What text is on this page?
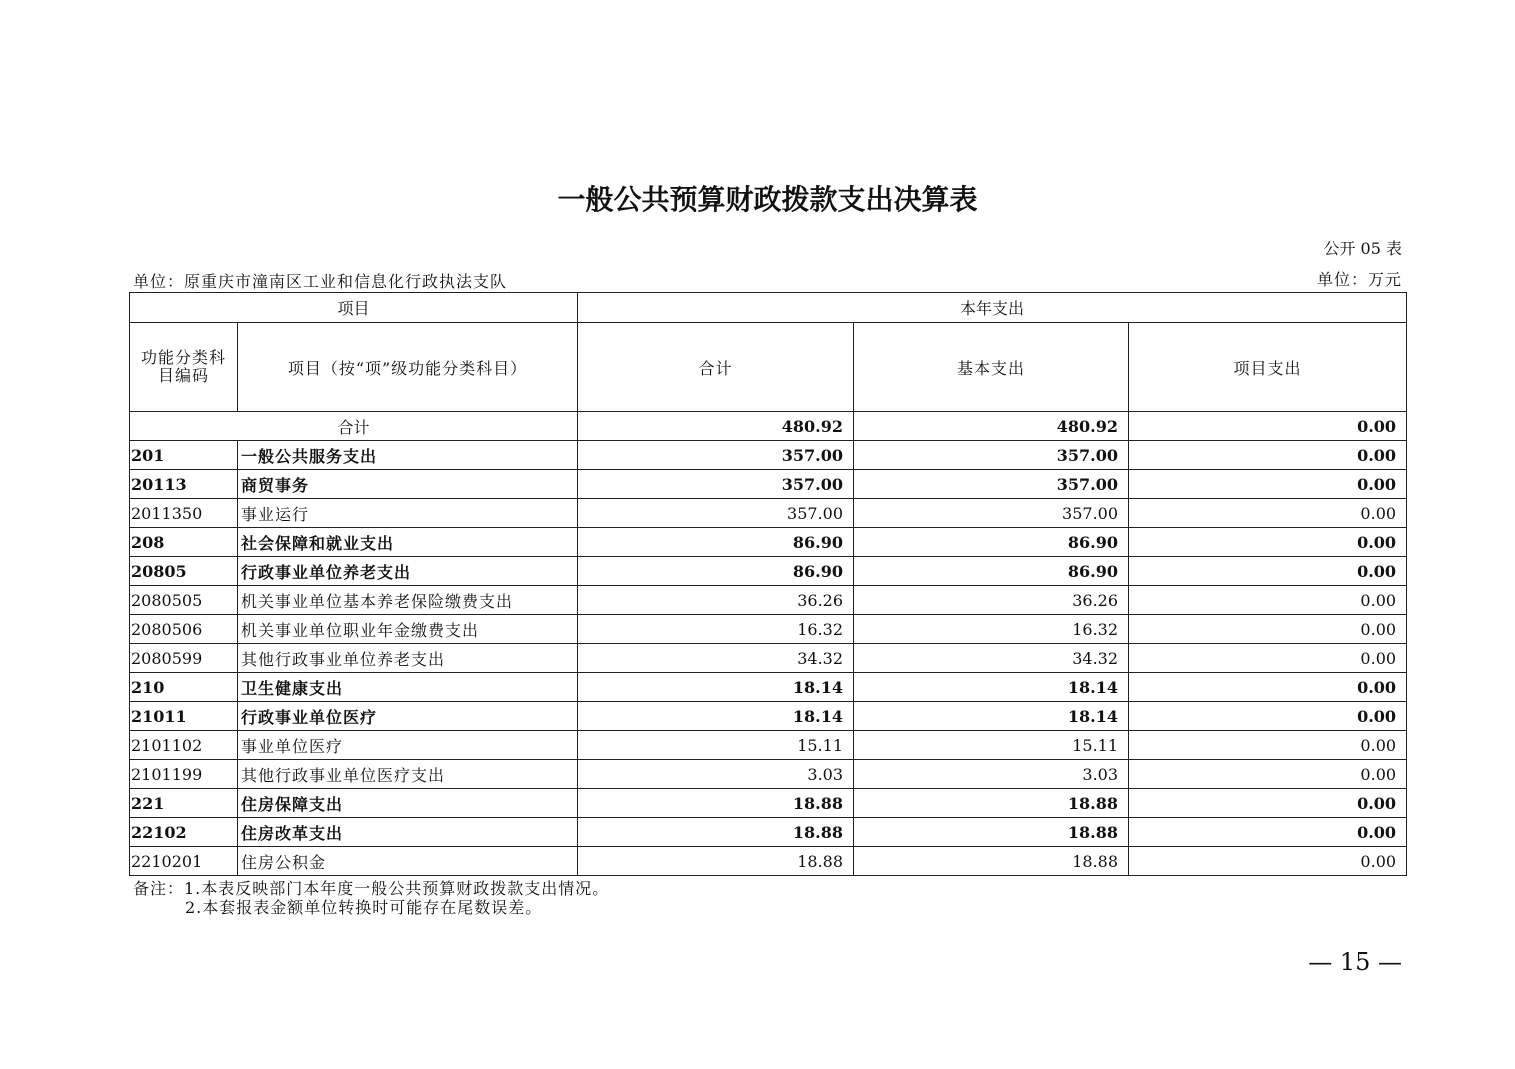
一般公共预算财政拨款支出决算表
公开 05 表
单位：原重庆市潼南区工业和信息化行政执法支队	单位：万元
项目		本年支出		
功能分类科目编码	项目（按“项”级功能分类科目）	合计	基本支出	项目支出
合计		480.92	480.92	0.00
201	一般公共服务支出	357.00	357.00	0.00
20113	商贸事务	357.00	357.00	0.00
2011350	事业运行	357.00	357.00	0.00
208	社会保障和就业支出	86.90	86.90	0.00
20805	行政事业单位养老支出	86.90	86.90	0.00
2080505	机关事业单位基本养老保险缴费支出	36.26	36.26	0.00
2080506	机关事业单位职业年金缴费支出	16.32	16.32	0.00
2080599	其他行政事业单位养老支出	34.32	34.32	0.00
210	卫生健康支出	18.14	18.14	0.00
21011	行政事业单位医疗	18.14	18.14	0.00
2101102	事业单位医疗	15.11	15.11	0.00
2101199	其他行政事业单位医疗支出	3.03	3.03	0.00
221	住房保障支出	18.88	18.88	0.00
22102	住房改革支出	18.88	18.88	0.00
2210201	住房公积金	18.88	18.88	0.00
备注：1.本表反映部门本年度一般公共预算财政拨款支出情况。
2.本套报表金额单位转换时可能存在尾数误差。
— 15 —
